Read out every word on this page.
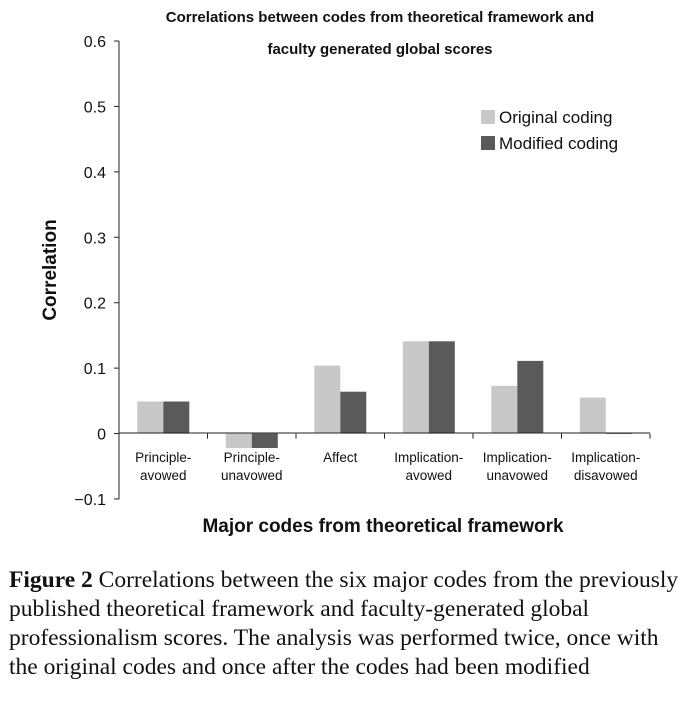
Correlations between codes from theoretical framework and
faculty generated global scores
0.6
0.5
0.4
0.3
0.2
0.1
0
−0.1
Principle-
avowed
Principle-
unavowed
Affect	Implication-
avowed
Implication-
unavowed
Implication-
disavowed
Correlation
Major codes from theoretical framework
Original coding
Modified coding
Figure 2 Correlations between the six major codes from the previously published theoretical framework and faculty-generated global professionalism scores. The analysis was performed twice, once with the original codes and once after the codes had been modified
